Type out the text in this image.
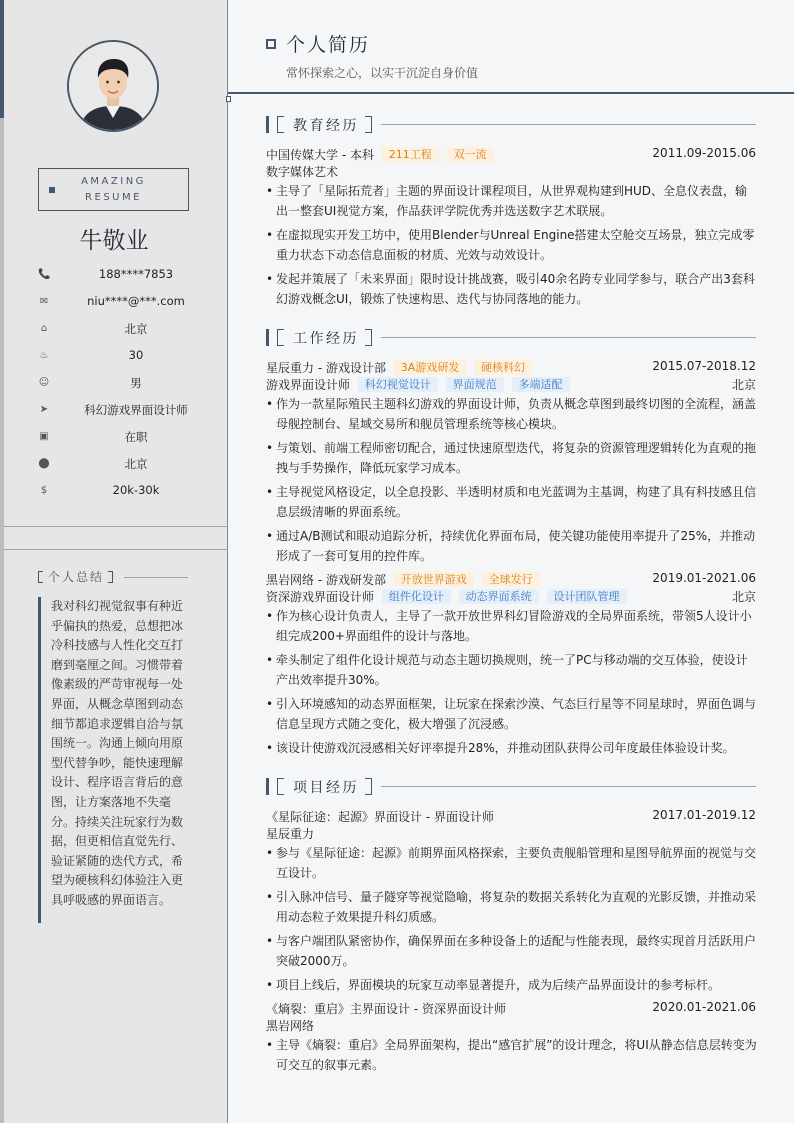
AMAZING
RESUME
牛敬业
📞	188****7853
✉	niu****@***.com
⌂	北京
♨	30
☺	男
➤	科幻游戏界面设计师
▣	在职
⬤	北京
$	20k-30k
个人总结
我对科幻视觉叙事有种近乎偏执的热爱，总想把冰冷科技感与人性化交互打磨到毫厘之间。习惯带着像素级的严苛审视每一处界面，从概念草图到动态细节都追求逻辑自洽与氛围统一。沟通上倾向用原型代替争吵，能快速理解设计、程序语言背后的意图，让方案落地不失毫分。持续关注玩家行为数据，但更相信直觉先行、验证紧随的迭代方式，希望为硬核科幻体验注入更具呼吸感的界面语言。
个人简历
常怀探索之心，以实干沉淀自身价值
教育经历
中国传媒大学 - 本科 211工程 双一流	2011.09-2015.06
数字媒体艺术
• 主导了「星际拓荒者」主题的界面设计课程项目，从世界观构建到HUD、全息仪表盘，输出一整套UI视觉方案，作品获评学院优秀并选送数字艺术联展。
• 在虚拟现实开发工坊中，使用Blender与Unreal Engine搭建太空舱交互场景，独立完成零重力状态下动态信息面板的材质、光效与动效设计。
• 发起并策展了「未来界面」限时设计挑战赛，吸引40余名跨专业同学参与，联合产出3套科幻游戏概念UI，锻炼了快速构思、迭代与协同落地的能力。
工作经历
星辰重力 - 游戏设计部 3A游戏研发 硬核科幻	2015.07-2018.12
游戏界面设计师 科幻视觉设计 界面规范 多端适配	北京
• 作为一款星际殖民主题科幻游戏的界面设计师，负责从概念草图到最终切图的全流程，涵盖母舰控制台、星域交易所和舰员管理系统等核心模块。
• 与策划、前端工程师密切配合，通过快速原型迭代，将复杂的资源管理逻辑转化为直观的拖拽与手势操作，降低玩家学习成本。
• 主导视觉风格设定，以全息投影、半透明材质和电光蓝调为主基调，构建了具有科技感且信息层级清晰的界面系统。
• 通过A/B测试和眼动追踪分析，持续优化界面布局，使关键功能使用率提升了25%，并推动形成了一套可复用的控件库。
黑岩网络 - 游戏研发部 开放世界游戏 全球发行	2019.01-2021.06
资深游戏界面设计师 组件化设计 动态界面系统 设计团队管理	北京
• 作为核心设计负责人，主导了一款开放世界科幻冒险游戏的全局界面系统，带领5人设计小组完成200+界面组件的设计与落地。
• 牵头制定了组件化设计规范与动态主题切换规则，统一了PC与移动端的交互体验，使设计产出效率提升30%。
• 引入环境感知的动态界面框架，让玩家在探索沙漠、气态巨行星等不同星球时，界面色调与信息呈现方式随之变化，极大增强了沉浸感。
• 该设计使游戏沉浸感相关好评率提升28%，并推动团队获得公司年度最佳体验设计奖。
项目经历
《星际征途：起源》界面设计 - 界面设计师	2017.01-2019.12
星辰重力
• 参与《星际征途：起源》前期界面风格探索，主要负责舰船管理和星图导航界面的视觉与交互设计。
• 引入脉冲信号、量子隧穿等视觉隐喻，将复杂的数据关系转化为直观的光影反馈，并推动采用动态粒子效果提升科幻质感。
• 与客户端团队紧密协作，确保界面在多种设备上的适配与性能表现，最终实现首月活跃用户突破2000万。
• 项目上线后，界面模块的玩家互动率显著提升，成为后续产品界面设计的参考标杆。
《熵裂：重启》主界面设计 - 资深界面设计师	2020.01-2021.06
黑岩网络
• 主导《熵裂：重启》全局界面架构，提出“感官扩展”的设计理念，将UI从静态信息层转变为可交互的叙事元素。
